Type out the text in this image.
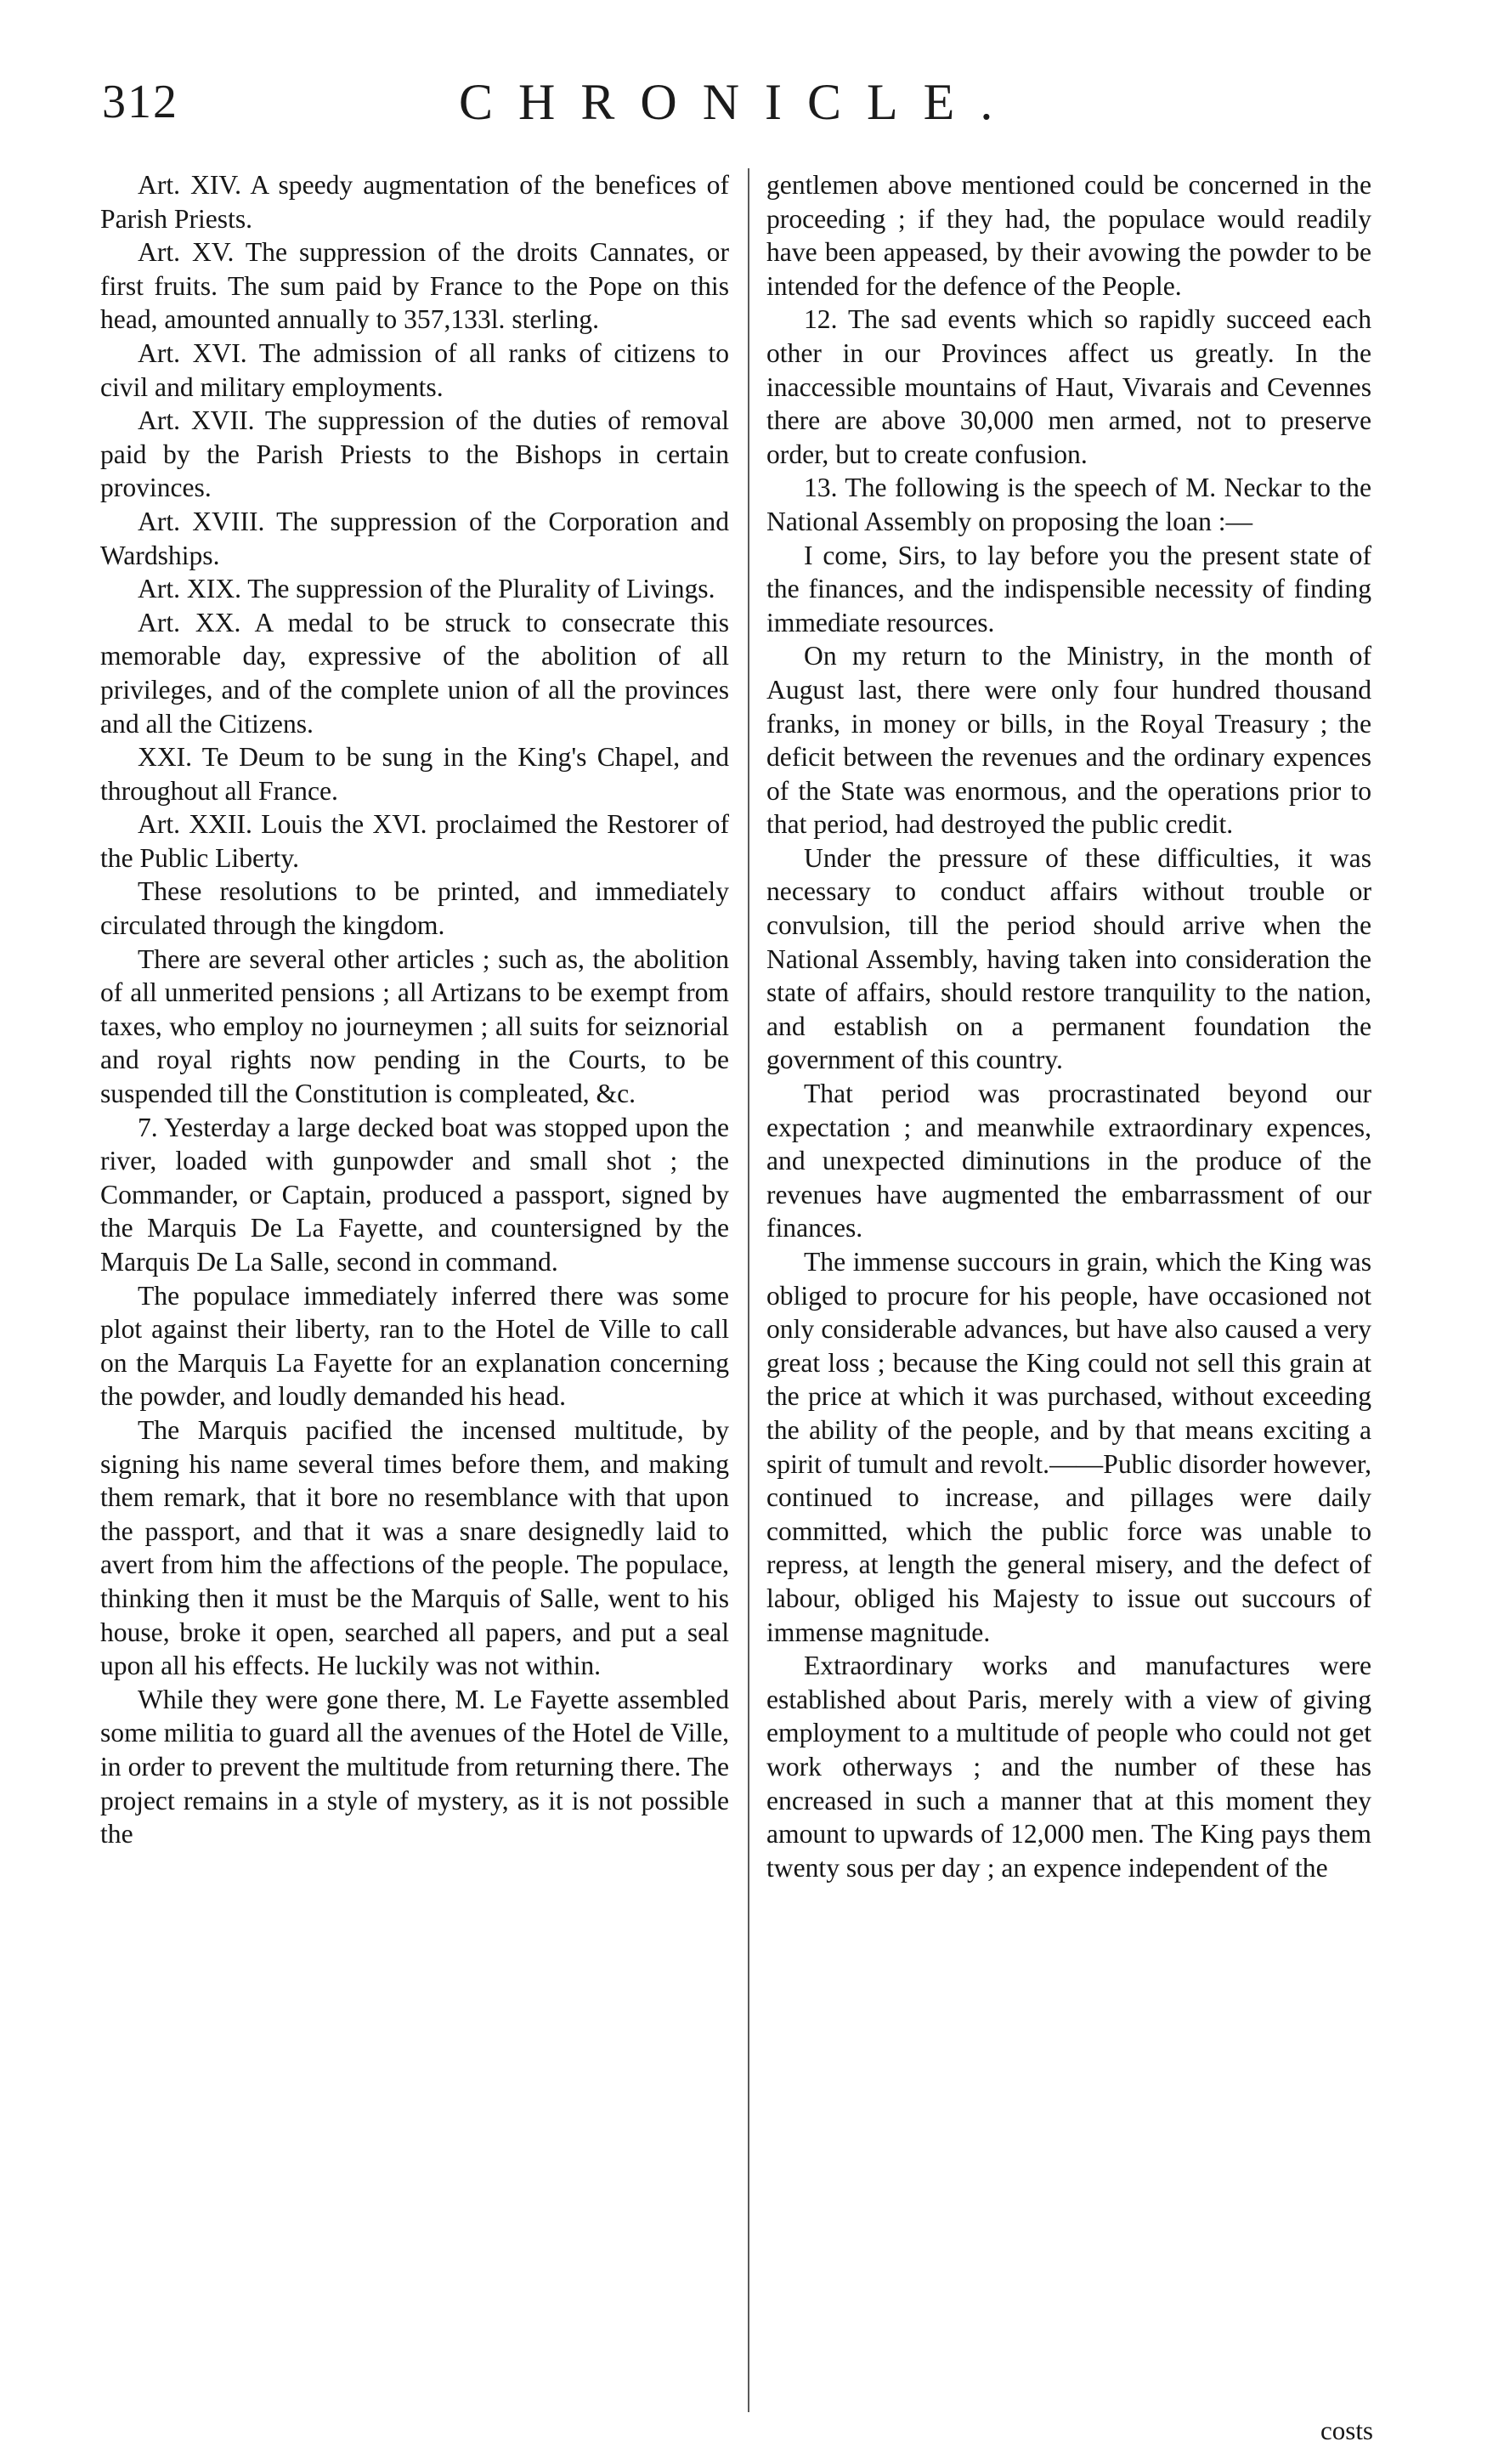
312	CHRONICLE.

Art. XIV. A speedy augmentation of the benefices of Parish Priests.

Art. XV. The suppression of the droits Cannates, or first fruits. The sum paid by France to the Pope on this head, amounted annually to 357,133l. sterling.

Art. XVI. The admission of all ranks of citizens to civil and military employments.

Art. XVII. The suppression of the duties of removal paid by the Parish Priests to the Bishops in certain provinces.

Art. XVIII. The suppression of the Corporation and Wardships.

Art. XIX. The suppression of the Plurality of Livings.

Art. XX. A medal to be struck to consecrate this memorable day, expressive of the abolition of all privileges, and of the complete union of all the provinces and all the Citizens.

XXI. Te Deum to be sung in the King's Chapel, and throughout all France.

Art. XXII. Louis the XVI. proclaimed the Restorer of the Public Liberty.

These resolutions to be printed, and immediately circulated through the kingdom.

There are several other articles ; such as, the abolition of all unmerited pensions ; all Artizans to be exempt from taxes, who employ no journeymen ; all suits for seiznorial and royal rights now pending in the Courts, to be suspended till the Constitution is compleated, &c.

7. Yesterday a large decked boat was stopped upon the river, loaded with gunpowder and small shot ; the Commander, or Captain, produced a passport, signed by the Marquis De La Fayette, and countersigned by the Marquis De La Salle, second in command.

The populace immediately inferred there was some plot against their liberty, ran to the Hotel de Ville to call on the Marquis La Fayette for an explanation concerning the powder, and loudly demanded his head.

The Marquis pacified the incensed multitude, by signing his name several times before them, and making them remark, that it bore no resemblance with that upon the passport, and that it was a snare designedly laid to avert from him the affections of the people. The populace, thinking then it must be the Marquis of Salle, went to his house, broke it open, searched all papers, and put a seal upon all his effects. He luckily was not within.

While they were gone there, M. Le Fayette assembled some militia to guard all the avenues of the Hotel de Ville, in order to prevent the multitude from returning there. The project remains in a style of mystery, as it is not possible the

gentlemen above mentioned could be concerned in the proceeding ; if they had, the populace would readily have been appeased, by their avowing the powder to be intended for the defence of the People.

12. The sad events which so rapidly succeed each other in our Provinces affect us greatly. In the inaccessible mountains of Haut, Vivarais and Cevennes there are above 30,000 men armed, not to preserve order, but to create confusion.

13. The following is the speech of M. Neckar to the National Assembly on proposing the loan :—

I come, Sirs, to lay before you the present state of the finances, and the indispensible necessity of finding immediate resources.

On my return to the Ministry, in the month of August last, there were only four hundred thousand franks, in money or bills, in the Royal Treasury ; the deficit between the revenues and the ordinary expences of the State was enormous, and the operations prior to that period, had destroyed the public credit.

Under the pressure of these difficulties, it was necessary to conduct affairs without trouble or convulsion, till the period should arrive when the National Assembly, having taken into consideration the state of affairs, should restore tranquility to the nation, and establish on a permanent foundation the government of this country.

That period was procrastinated beyond our expectation ; and meanwhile extraordinary expences, and unexpected diminutions in the produce of the revenues have augmented the embarrassment of our finances.

The immense succours in grain, which the King was obliged to procure for his people, have occasioned not only considerable advances, but have also caused a very great loss ; because the King could not sell this grain at the price at which it was purchased, without exceeding the ability of the people, and by that means exciting a spirit of tumult and revolt.——Public disorder however, continued to increase, and pillages were daily committed, which the public force was unable to repress, at length the general misery, and the defect of labour, obliged his Majesty to issue out succours of immense magnitude.

Extraordinary works and manufactures were established about Paris, merely with a view of giving employment to a multitude of people who could not get work otherways ; and the number of these has encreased in such a manner that at this moment they amount to upwards of 12,000 men. The King pays them twenty sous per day ; an expence independent of the

costs
